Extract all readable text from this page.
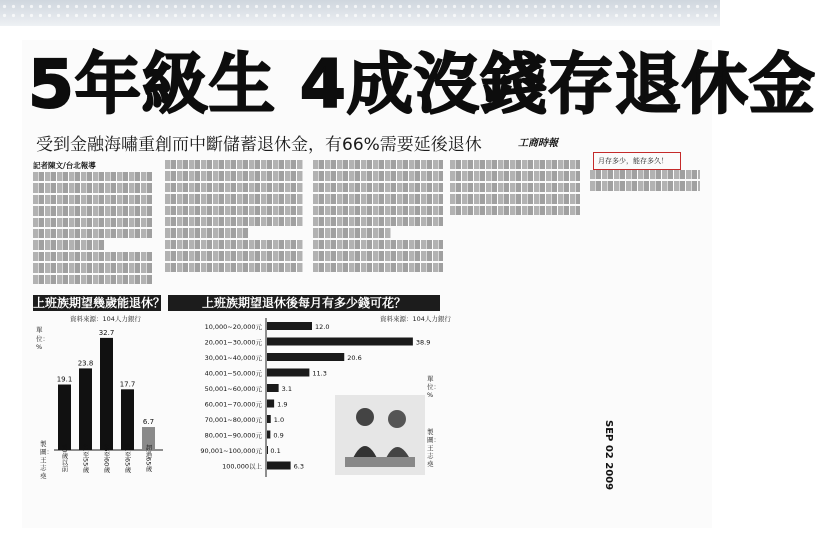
5年級生 4成沒錢存退休金
受到金融海嘯重創而中斷儲蓄退休金，有66%需要延後退休	工商時報
月存多少，能存多久！
記者陳文/台北報導
上班族期望幾歲能退休？
資料來源：104人力銀行
單位：%
19.1
50歲以前
23.8
51至55歲
32.7
56至60歲
17.7
61至65歲
6.7
超過65歲
製圖：王志堯
上班族期望退休後每月有多少錢可花？
資料來源：104人力銀行
10,000~20,000元	12.0
20,001~30,000元	38.9
30,001~40,000元	20.6
40,001~50,000元	11.3
50,001~60,000元	3.1
60,001~70,000元 1.9
70,001~80,000元 1.0
80,001~90,000元 0.9
90,001~100,000元 0.1
100,000以上	6.3
單位：%
製圖：王志堯	SEP 02 2009
